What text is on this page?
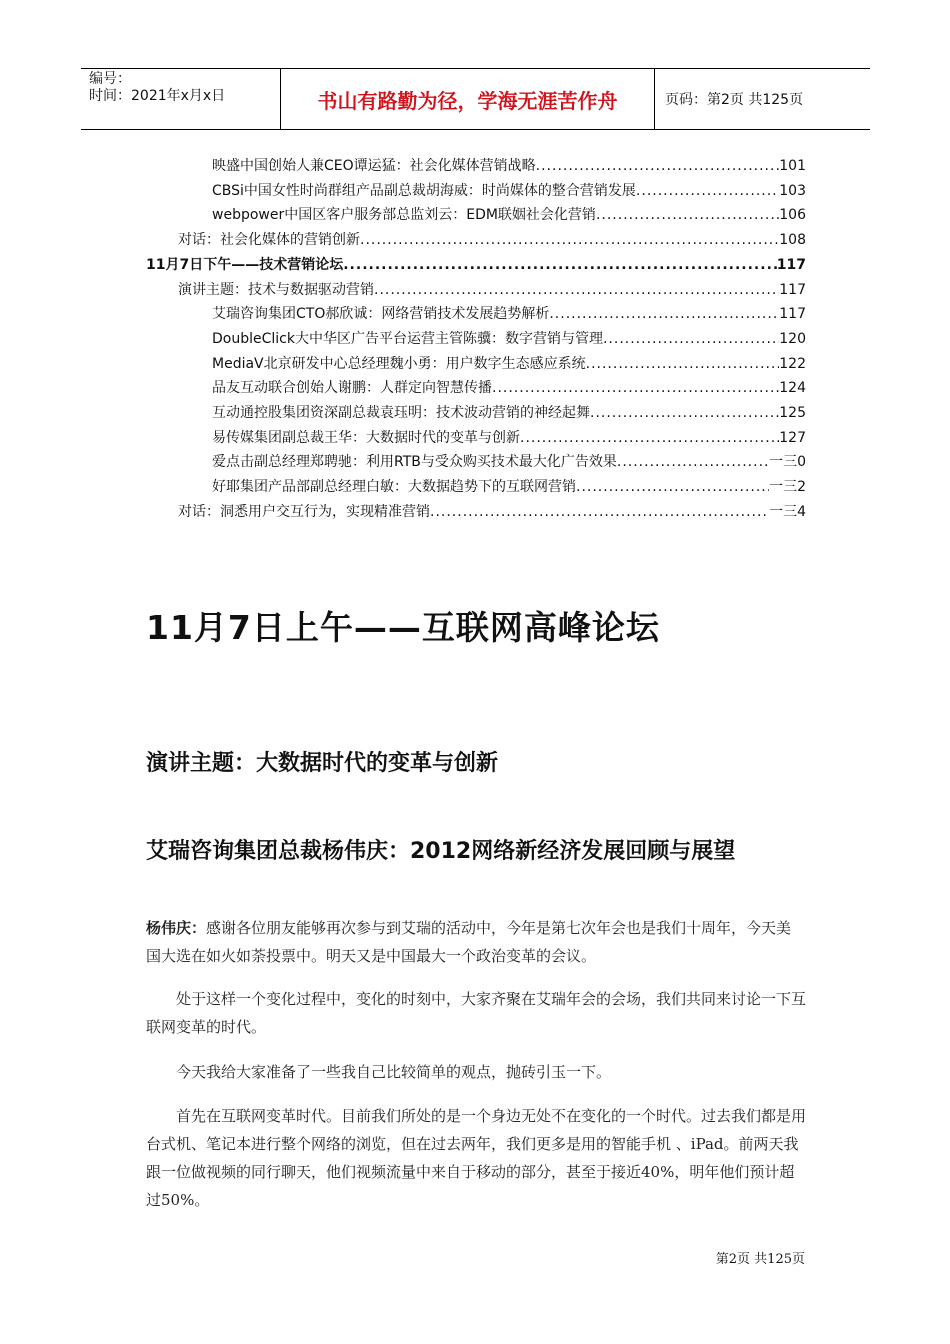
编号：
时间：2021年x月x日	书山有路勤为径，学海无涯苦作舟	页码：第2页 共125页
映盛中国创始人兼CEO谭运猛：社会化媒体营销战略 .....	101
CBSi中国女性时尚群组产品副总裁胡海威：时尚媒体的整合营销发展 .....	103
webpower中国区客户服务部总监刘云：EDM联姻社会化营销 .....	106
对话：社会化媒体的营销创新 .....	108
11月7日下午——技术营销论坛 .....	117
演讲主题：技术与数据驱动营销 .....	117
艾瑞咨询集团CTO郝欣诚：网络营销技术发展趋势解析 .....	117
DoubleClick大中华区广告平台运营主管陈骥：数字营销与管理 .....	120
MediaV北京研发中心总经理魏小勇：用户数字生态感应系统 .....	122
品友互动联合创始人谢鹏：人群定向智慧传播 .....	124
互动通控股集团资深副总裁袁珏明：技术波动营销的神经起舞 .....	125
易传媒集团副总裁王华：大数据时代的变革与创新 .....	127
爱点击副总经理郑聘驰：利用RTB与受众购买技术最大化广告效果 .....	一三0
好耶集团产品部副总经理白敏：大数据趋势下的互联网营销 .....	一三2
对话：洞悉用户交互行为，实现精准营销 .....	一三4
11月7日上午——互联网高峰论坛
演讲主题：大数据时代的变革与创新
艾瑞咨询集团总裁杨伟庆：2012网络新经济发展回顾与展望
杨伟庆：感谢各位朋友能够再次参与到艾瑞的活动中，今年是第七次年会也是我们十周年，今天美国大选在如火如荼投票中。明天又是中国最大一个政治变革的会议。
处于这样一个变化过程中，变化的时刻中，大家齐聚在艾瑞年会的会场，我们共同来讨论一下互联网变革的时代。
今天我给大家准备了一些我自己比较简单的观点，抛砖引玉一下。
首先在互联网变革时代。目前我们所处的是一个身边无处不在变化的一个时代。过去我们都是用台式机、笔记本进行整个网络的浏览，但在过去两年，我们更多是用的智能手机 、iPad。前两天我跟一位做视频的同行聊天，他们视频流量中来自于移动的部分，甚至于接近40%，明年他们预计超过50%。
第2页 共125页
